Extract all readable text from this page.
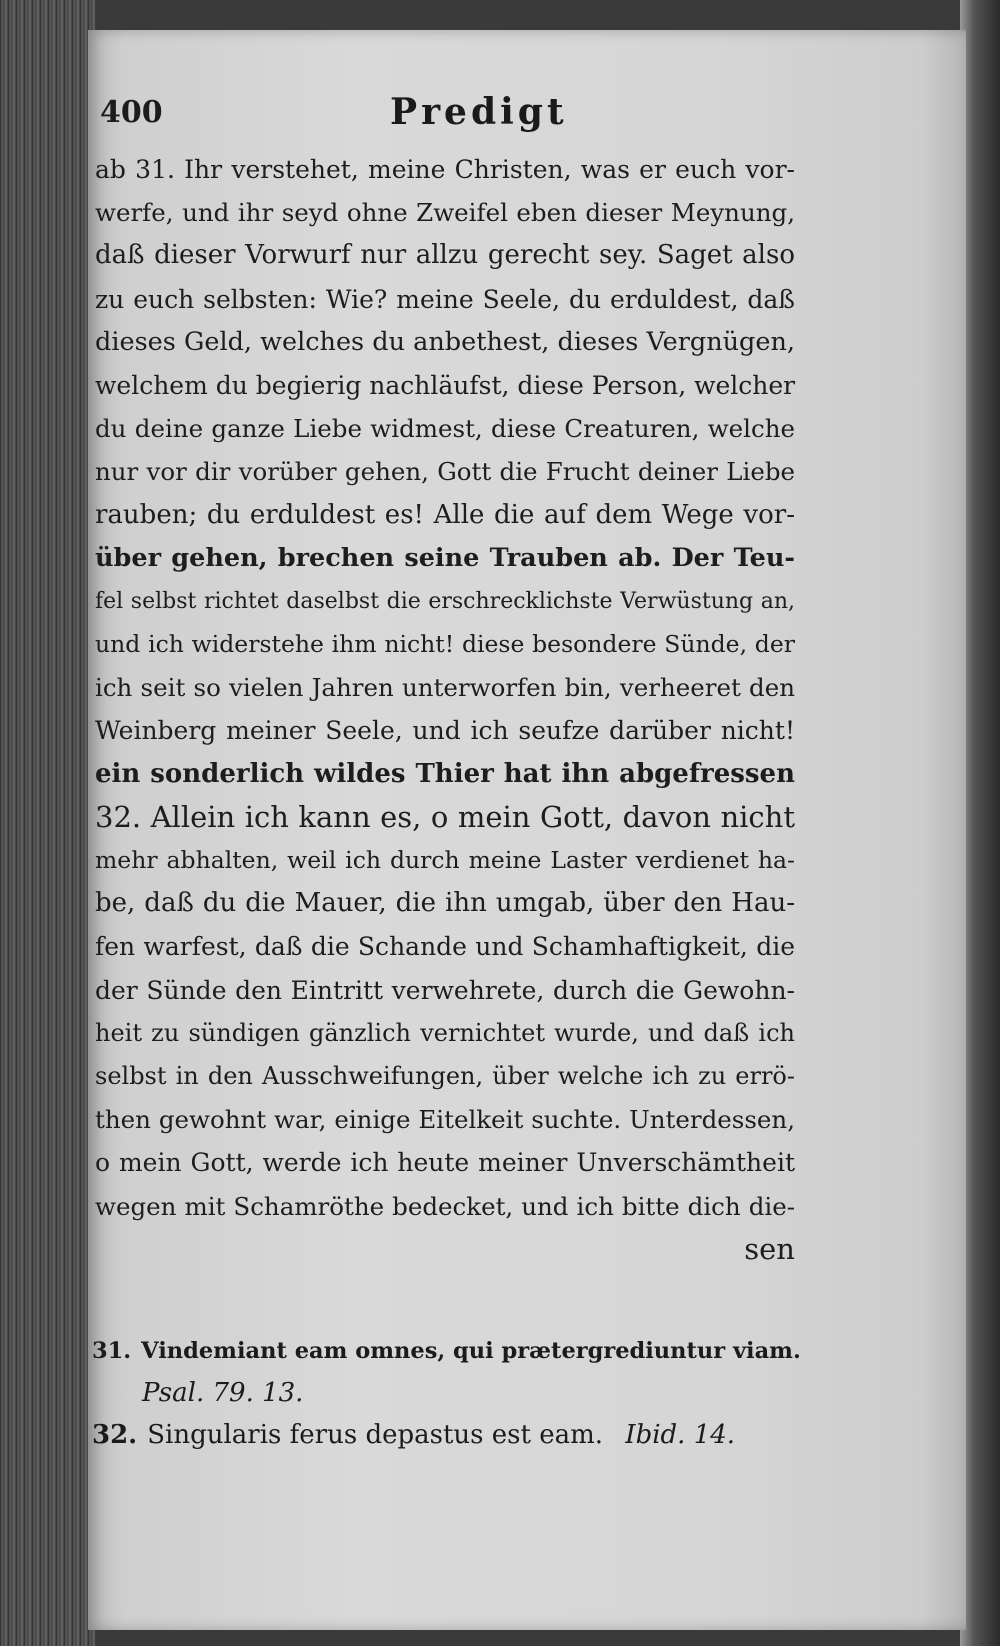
400	Predigt
ab 31. Ihr verstehet, meine Christen, was er euch vor-
werfe, und ihr seyd ohne Zweifel eben dieser Meynung,
daß dieser Vorwurf nur allzu gerecht sey. Saget also
zu euch selbsten: Wie? meine Seele, du erduldest, daß
dieses Geld, welches du anbethest, dieses Vergnügen,
welchem du begierig nachläufst, diese Person, welcher
du deine ganze Liebe widmest, diese Creaturen, welche
nur vor dir vorüber gehen, Gott die Frucht deiner Liebe
rauben; du erduldest es! Alle die auf dem Wege vor-
über gehen, brechen seine Trauben ab. Der Teu-
fel selbst richtet daselbst die erschrecklichste Verwüstung an,
und ich widerstehe ihm nicht! diese besondere Sünde, der
ich seit so vielen Jahren unterworfen bin, verheeret den
Weinberg meiner Seele, und ich seufze darüber nicht!
ein sonderlich wildes Thier hat ihn abgefressen
32. Allein ich kann es, o mein Gott, davon nicht
mehr abhalten, weil ich durch meine Laster verdienet ha-
be, daß du die Mauer, die ihn umgab, über den Hau-
fen warfest, daß die Schande und Schamhaftigkeit, die
der Sünde den Eintritt verwehrete, durch die Gewohn-
heit zu sündigen gänzlich vernichtet wurde, und daß ich
selbst in den Ausschweifungen, über welche ich zu errö-
then gewohnt war, einige Eitelkeit suchte. Unterdessen,
o mein Gott, werde ich heute meiner Unverschämtheit
wegen mit Schamröthe bedecket, und ich bitte dich die-
sen
31. Vindemiant eam omnes, qui prætergrediuntur viam.
Psal. 79. 13.
32. Singularis ferus depastus est eam. Ibid. 14.
